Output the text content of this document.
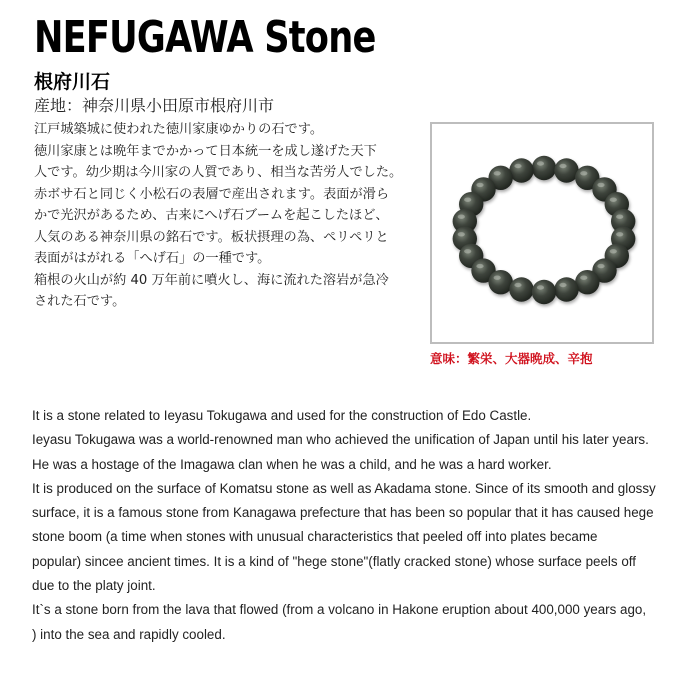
NEFUGAWA Stone
根府川石
産地：神奈川県小田原市根府川市

江戸城築城に使われた徳川家康ゆかりの石です。

徳川家康とは晩年までかかって日本統一を成し遂げた天下

人です。幼少期は今川家の人質であり、相当な苦労人でした。

赤ボサ石と同じく小松石の表層で産出されます。表面が滑ら

かで光沢があるため、古来にへげ石ブームを起こしたほど、

人気のある神奈川県の銘石です。板状摂理の為、ペリペリと

表面がはがれる「へげ石」の一種です。

箱根の火山が約 40 万年前に噴火し、海に流れた溶岩が急冷

された石です。

意味：繁栄、大器晩成、辛抱

It is a stone related to Ieyasu Tokugawa and used for the construction of Edo Castle.

Ieyasu Tokugawa was a world-renowned man who achieved the unification of Japan until his later years.

He was a hostage of the Imagawa clan when he was a child, and he was a hard worker.

It is produced on the surface of Komatsu stone as well as Akadama stone. Since of its smooth and glossy

surface, it is a famous stone from Kanagawa prefecture that has been so popular that it has caused hege

stone boom (a time when stones with unusual characteristics that peeled off into plates became

popular) sincee ancient times. It is a kind of "hege stone"(flatly cracked stone) whose surface peels off

due to the platy joint.

It`s a stone born from the lava that flowed (from a volcano in Hakone eruption about 400,000 years ago,

) into the sea and rapidly cooled.
